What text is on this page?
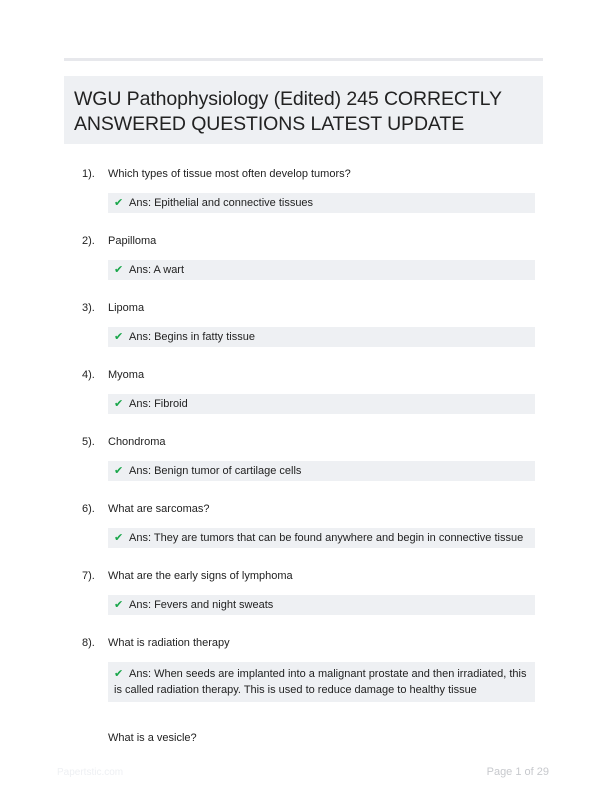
WGU Pathophysiology (Edited) 245 CORRECTLY ANSWERED QUESTIONS LATEST UPDATE
1).	Which types of tissue most often develop tumors?
✔ Ans: Epithelial and connective tissues
2).	Papilloma
✔ Ans: A wart
3).	Lipoma
✔ Ans: Begins in fatty tissue
4).	Myoma
✔ Ans: Fibroid
5).	Chondroma
✔ Ans: Benign tumor of cartilage cells
6).	What are sarcomas?
✔ Ans: They are tumors that can be found anywhere and begin in connective tissue
7).	What are the early signs of lymphoma
✔ Ans: Fevers and night sweats
8).	What is radiation therapy
✔ Ans: When seeds are implanted into a malignant prostate and then irradiated, this is called radiation therapy. This is used to reduce damage to healthy tissue
What is a vesicle?
Papertstic.com	Page 1 of 29
